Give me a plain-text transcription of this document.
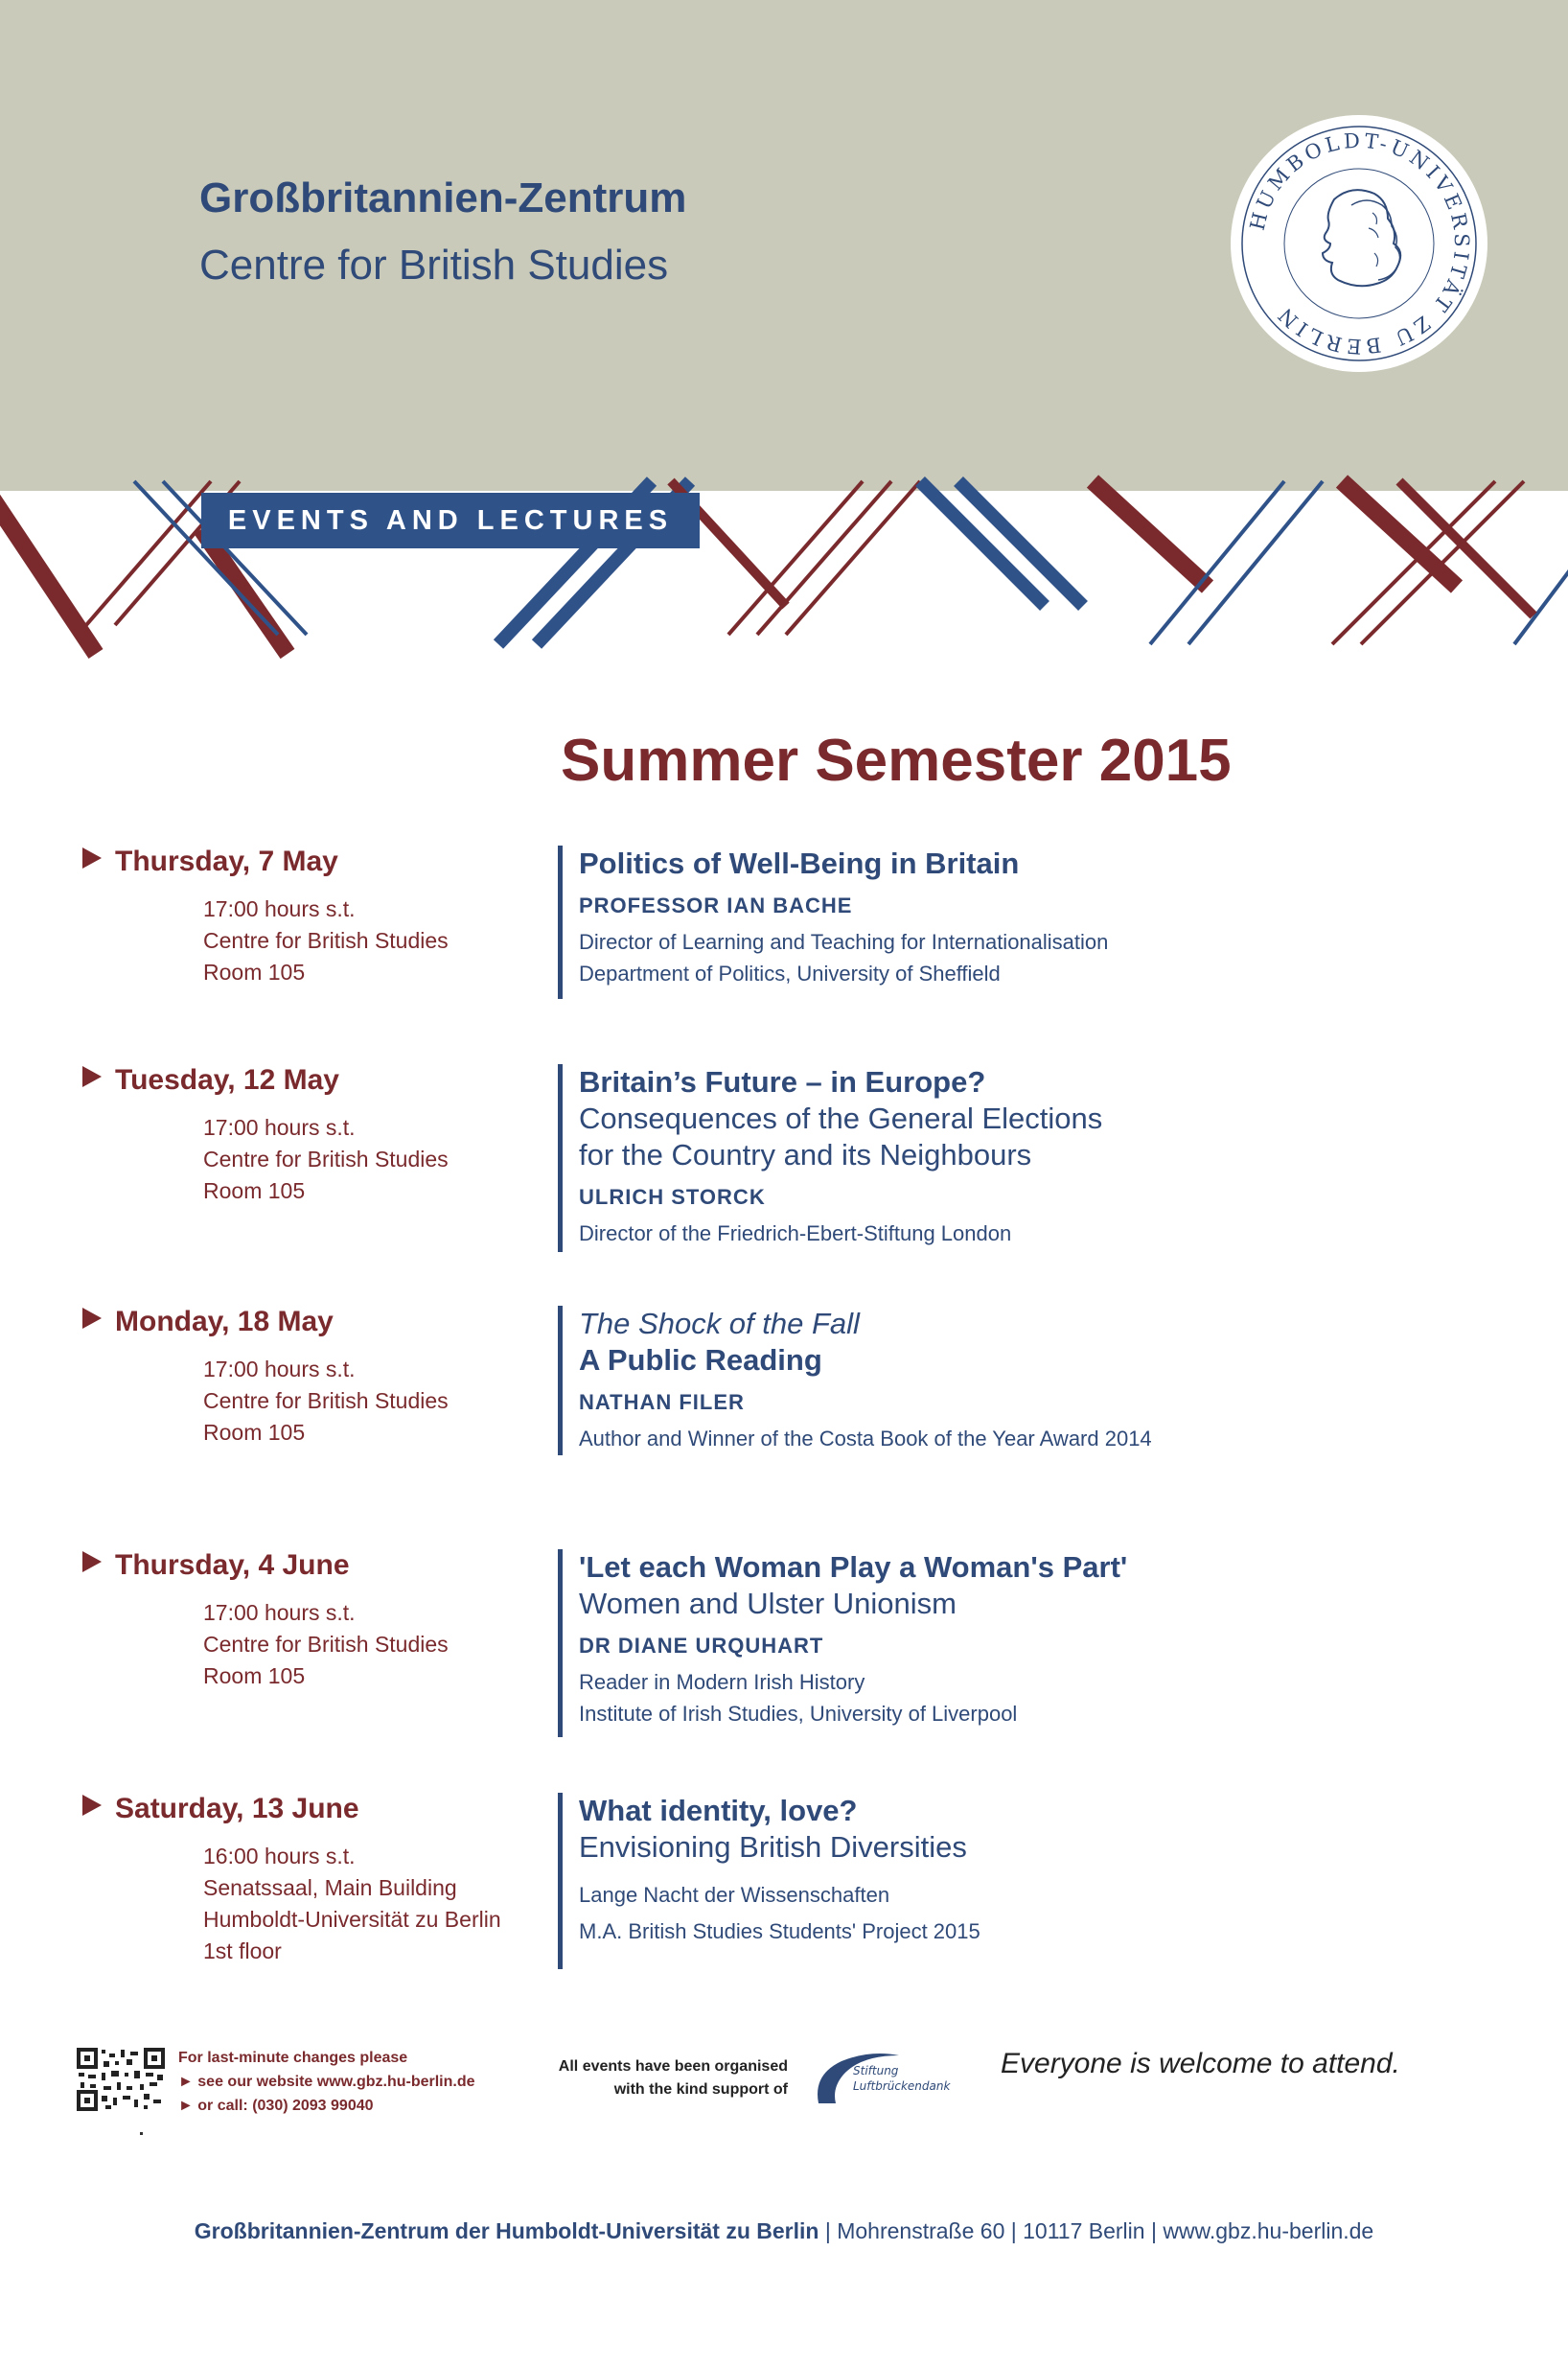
Großbritannien-Zentrum
Centre for British Studies
HUMBOLDT-UNIVERSITÄT ZU BERLIN
EVENTS AND LECTURES
Summer Semester 2015
Thursday, 7 May
17:00 hours s.t.
Centre for British Studies
Room 105
Politics of Well-Being in Britain
PROFESSOR IAN BACHE
Director of Learning and Teaching for Internationalisation
Department of Politics, University of Sheffield
Tuesday, 12 May
17:00 hours s.t.
Centre for British Studies
Room 105
Britain’s Future – in Europe?
Consequences of the General Elections
for the Country and its Neighbours
ULRICH STORCK
Director of the Friedrich-Ebert-Stiftung London
Monday, 18 May
17:00 hours s.t.
Centre for British Studies
Room 105
The Shock of the Fall
A Public Reading
NATHAN FILER
Author and Winner of the Costa Book of the Year Award 2014
Thursday, 4 June
17:00 hours s.t.
Centre for British Studies
Room 105
'Let each Woman Play a Woman's Part'
Women and Ulster Unionism
DR DIANE URQUHART
Reader in Modern Irish History
Institute of Irish Studies, University of Liverpool
Saturday, 13 June
16:00 hours s.t.
Senatssaal, Main Building
Humboldt-Universität zu Berlin
1st floor
What identity, love?
Envisioning British Diversities
Lange Nacht der Wissenschaften
M.A. British Studies Students' Project 2015
For last-minute changes please
► see our website www.gbz.hu-berlin.de
► or call: (030) 2093 99040
All events have been organised
with the kind support of
Stiftung
Luftbrückendank
Everyone is welcome to attend.
Großbritannien-Zentrum der Humboldt-Universität zu Berlin | Mohrenstraße 60 | 10117 Berlin | www.gbz.hu-berlin.de
